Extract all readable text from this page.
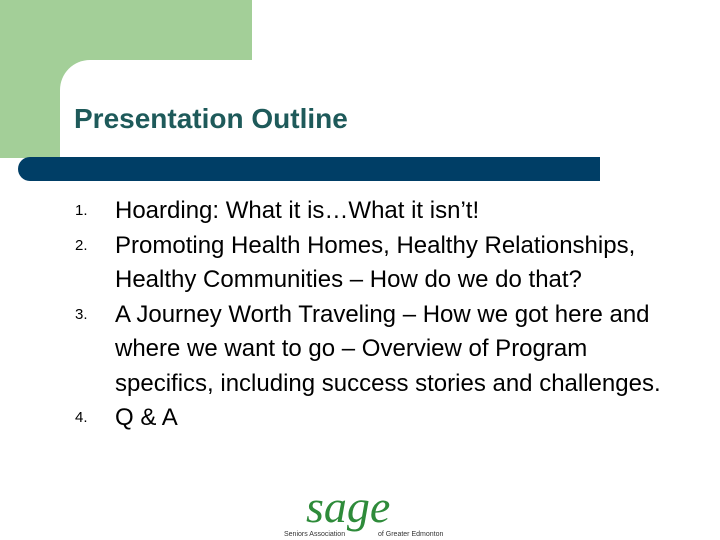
Presentation Outline
1.	Hoarding: What it is…What it isn’t!
2.	Promoting Health Homes, Healthy Relationships, Healthy Communities – How do we do that?
3.	A Journey Worth Traveling – How we got here and where we want to go – Overview of Program specifics, including success stories and challenges.
4.	Q & A
sage
Seniors Association	of Greater Edmonton
